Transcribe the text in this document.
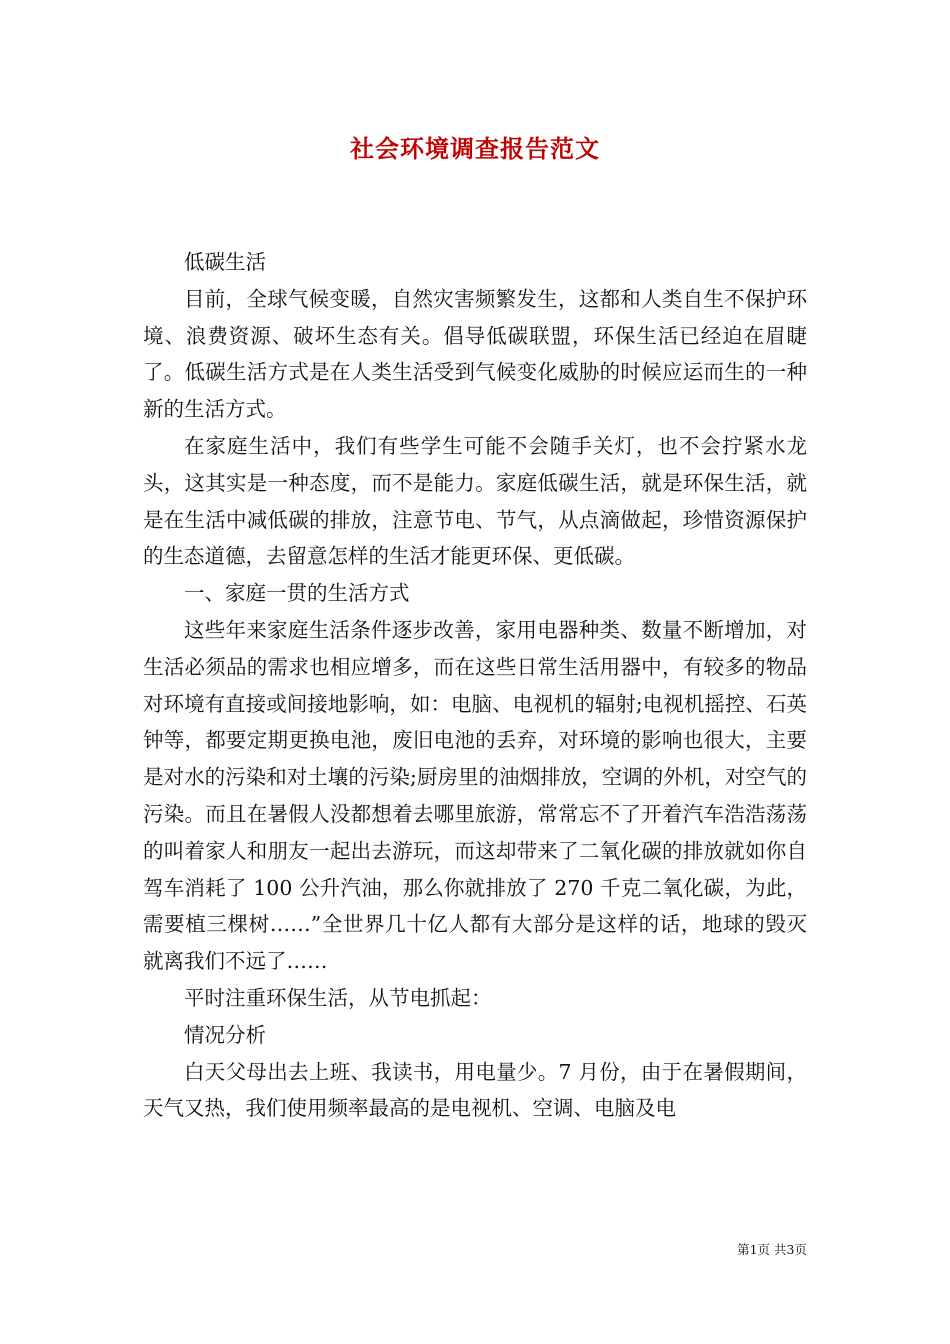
社会环境调查报告范文

低碳生活

目前，全球气候变暖，自然灾害频繁发生，这都和人类自生不保护环境、浪费资源、破坏生态有关。倡导低碳联盟，环保生活已经迫在眉睫了。低碳生活方式是在人类生活受到气候变化威胁的时候应运而生的一种新的生活方式。

在家庭生活中，我们有些学生可能不会随手关灯，也不会拧紧水龙头，这其实是一种态度，而不是能力。家庭低碳生活，就是环保生活，就是在生活中减低碳的排放，注意节电、节气，从点滴做起，珍惜资源保护的生态道德，去留意怎样的生活才能更环保、更低碳。

一、家庭一贯的生活方式

这些年来家庭生活条件逐步改善，家用电器种类、数量不断增加，对生活必须品的需求也相应增多，而在这些日常生活用器中，有较多的物品对环境有直接或间接地影响，如：电脑、电视机的辐射;电视机摇控、石英钟等，都要定期更换电池，废旧电池的丢弃，对环境的影响也很大，主要是对水的污染和对土壤的污染;厨房里的油烟排放，空调的外机，对空气的污染。而且在暑假人没都想着去哪里旅游，常常忘不了开着汽车浩浩荡荡的叫着家人和朋友一起出去游玩，而这却带来了二氧化碳的排放就如你自驾车消耗了 100 公升汽油，那么你就排放了 270 千克二氧化碳，为此，需要植三棵树……”全世界几十亿人都有大部分是这样的话，地球的毁灭就离我们不远了……

平时注重环保生活，从节电抓起：

情况分析

白天父母出去上班、我读书，用电量少。7 月份，由于在暑假期间，天气又热，我们使用频率最高的是电视机、空调、电脑及电

第1页 共3页
